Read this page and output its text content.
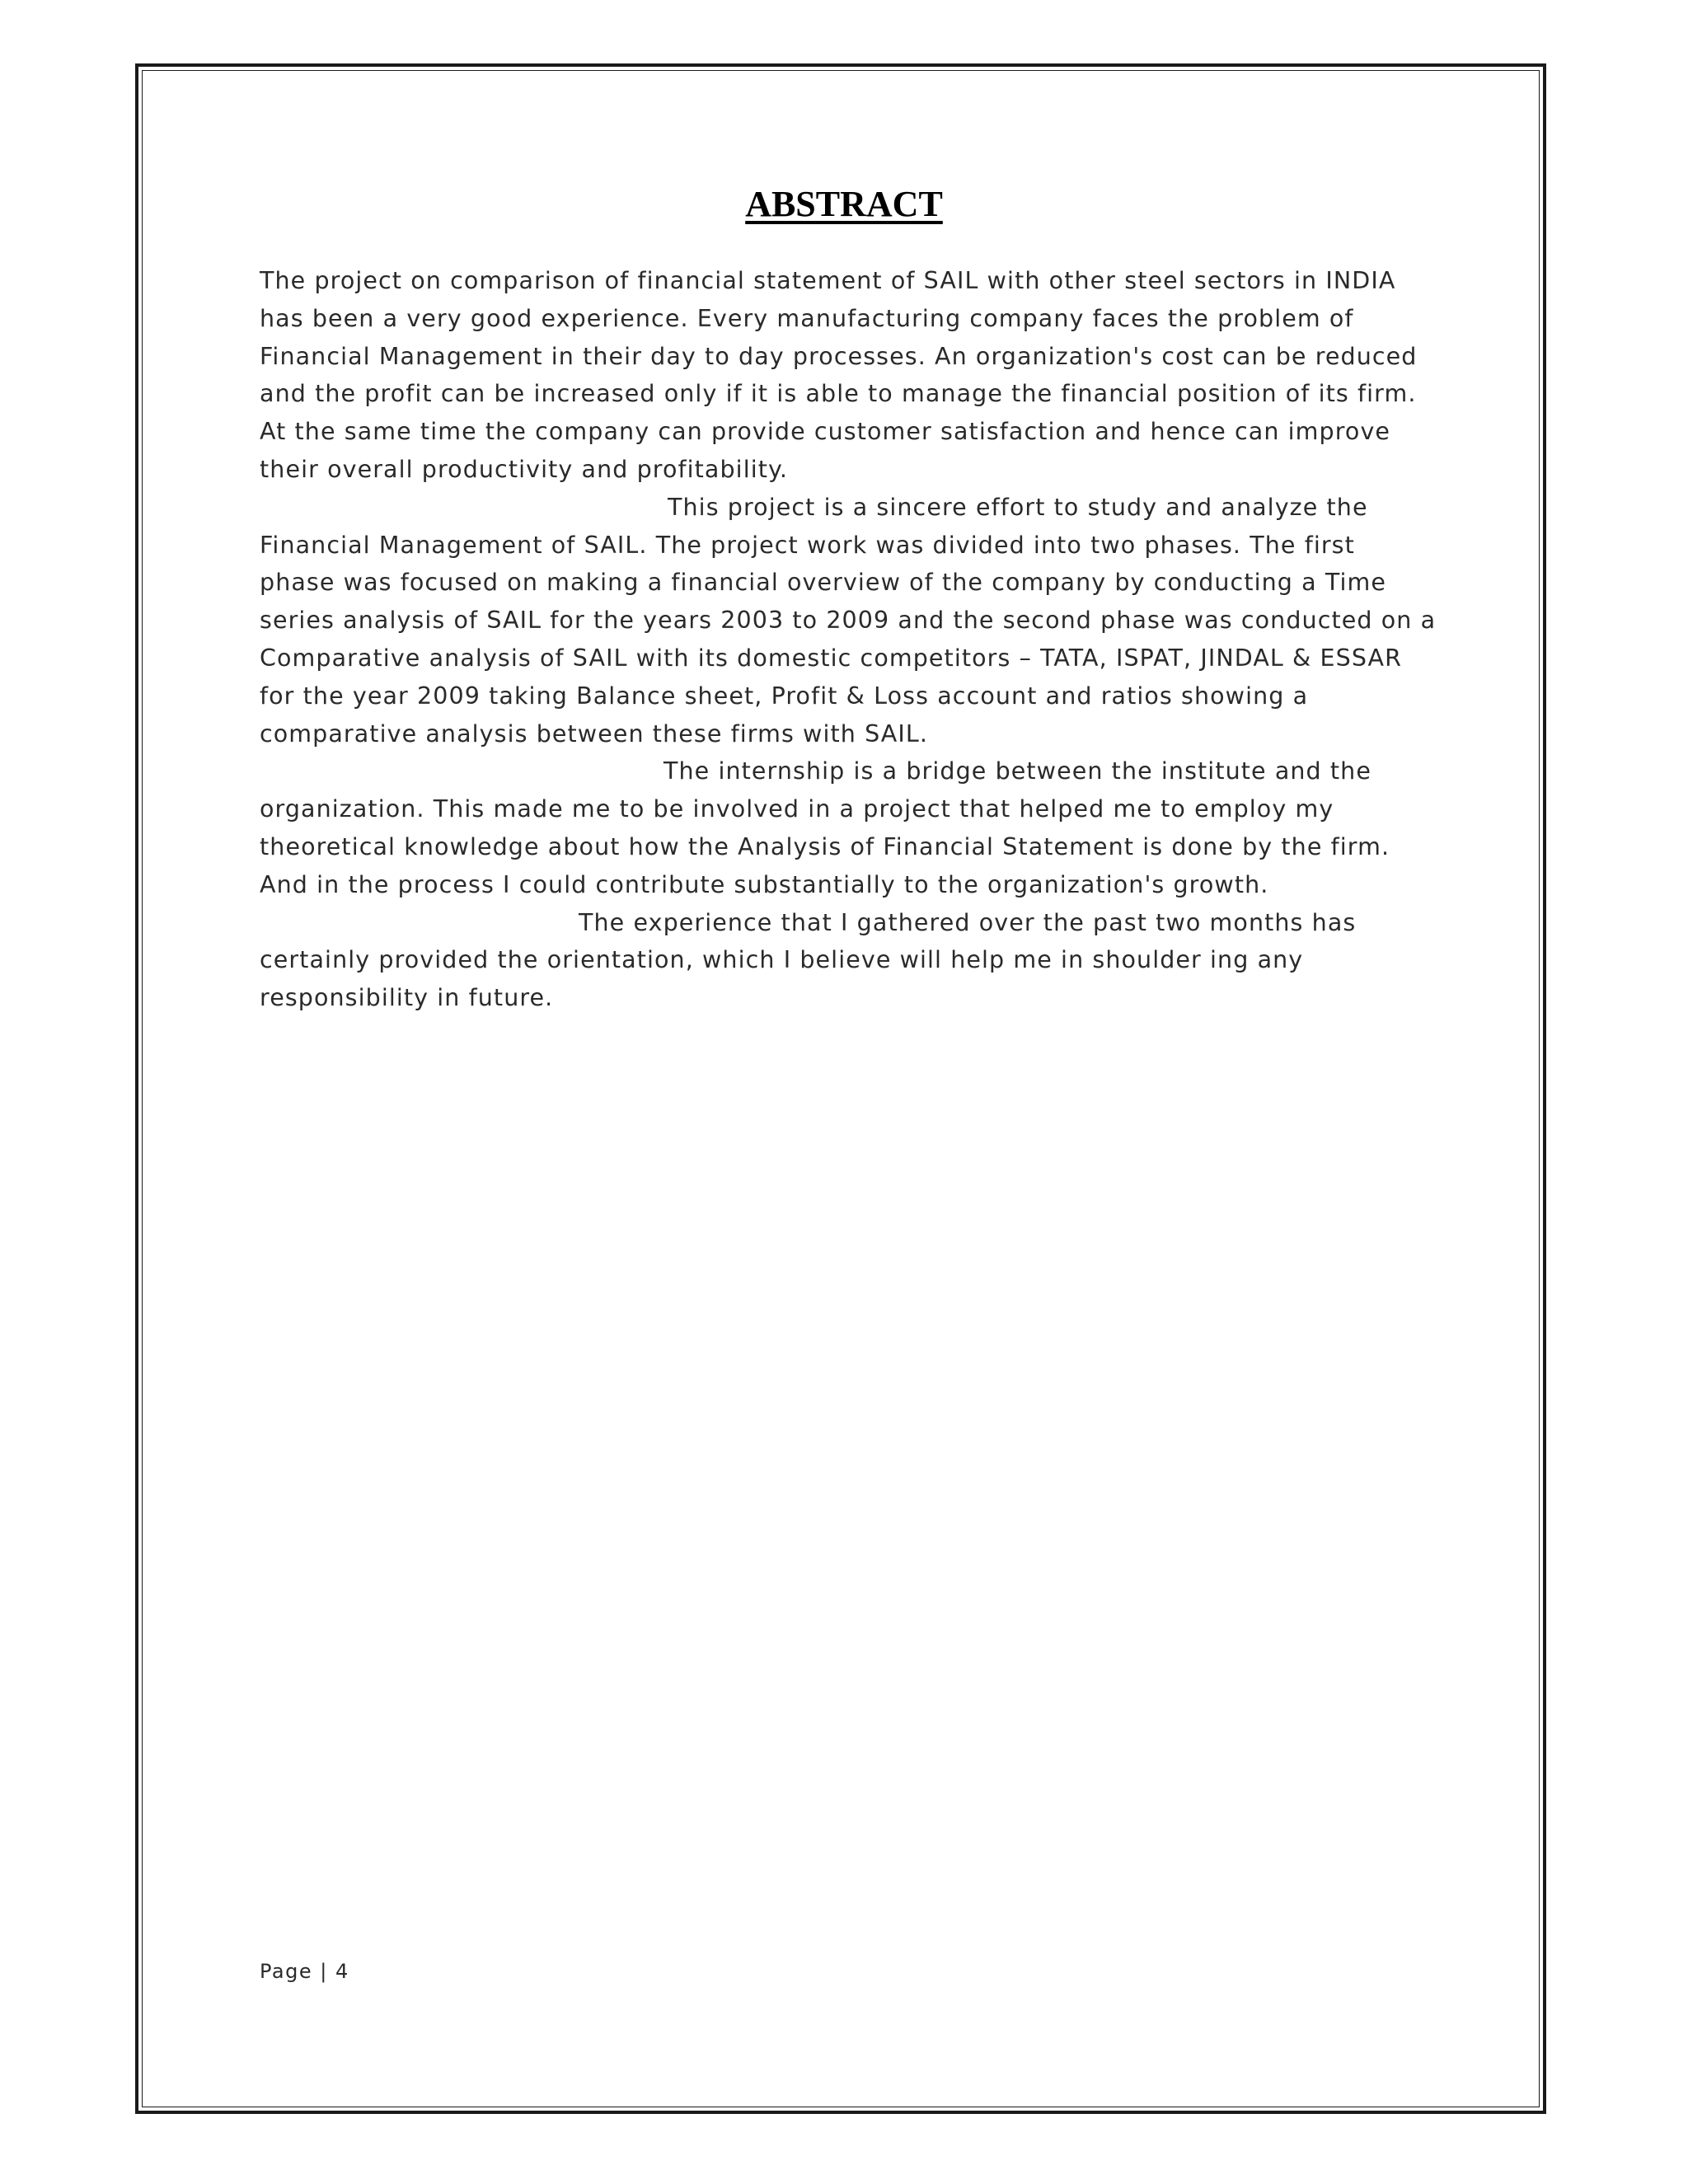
ABSTRACT
The project on comparison of financial statement of SAIL with other steel sectors in INDIA
has been a very good experience. Every manufacturing company faces the problem of
Financial Management in their day to day processes. An organization's cost can be reduced
and the profit can be increased only if it is able to manage the financial position of its firm.
At the same time the company can provide customer satisfaction and hence can improve
their overall productivity and profitability.
This project is a sincere effort to study and analyze the
Financial Management of SAIL. The project work was divided into two phases. The first
phase was focused on making a financial overview of the company by conducting a Time
series analysis of SAIL for the years 2003 to 2009 and the second phase was conducted on a
Comparative analysis of SAIL with its domestic competitors – TATA, ISPAT, JINDAL & ESSAR
for the year 2009 taking Balance sheet, Profit & Loss account and ratios showing a
comparative analysis between these firms with SAIL.
The internship is a bridge between the institute and the
organization. This made me to be involved in a project that helped me to employ my
theoretical knowledge about how the Analysis of Financial Statement is done by the firm.
And in the process I could contribute substantially to the organization's growth.
The experience that I gathered over the past two months has
certainly provided the orientation, which I believe will help me in shoulder ing any
responsibility in future.
Page | 4
